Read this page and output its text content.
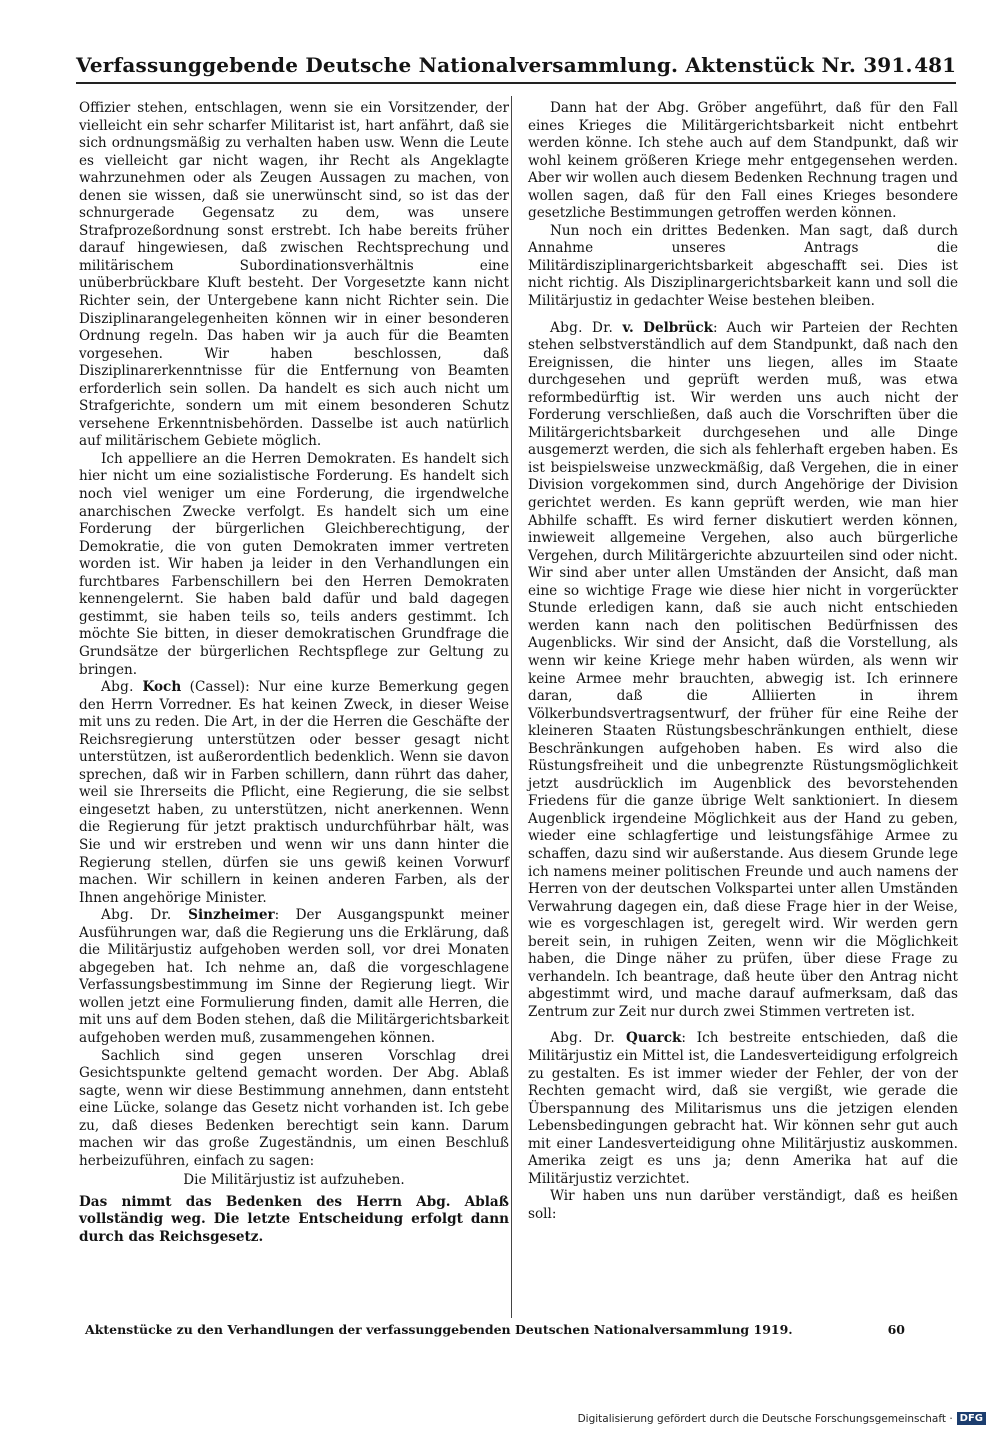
Verfassunggebende Deutsche Nationalversammlung. Aktenstück Nr. 391. 481

Offizier stehen, entschlagen, wenn sie ein Vorsitzender, der vielleicht ein sehr scharfer Militarist ist, hart anfährt, daß sie sich ordnungsmäßig zu verhalten haben usw. Wenn die Leute es vielleicht gar nicht wagen, ihr Recht als Angeklagte wahrzunehmen oder als Zeugen Aussagen zu machen, von denen sie wissen, daß sie unerwünscht sind, so ist das der schnurgerade Gegensatz zu dem, was unsere Strafprozeßordnung sonst erstrebt. Ich habe bereits früher darauf hingewiesen, daß zwischen Rechtsprechung und militärischem Subordinationsverhältnis eine unüberbrückbare Kluft besteht. Der Vorgesetzte kann nicht Richter sein, der Untergebene kann nicht Richter sein. Die Disziplinarangelegenheiten können wir in einer besonderen Ordnung regeln. Das haben wir ja auch für die Beamten vorgesehen. Wir haben beschlossen, daß Disziplinarerkenntnisse für die Entfernung von Beamten erforderlich sein sollen. Da handelt es sich auch nicht um Strafgerichte, sondern um mit einem besonderen Schutz versehene Erkenntnisbehörden. Dasselbe ist auch natürlich auf militärischem Gebiete möglich.

Ich appelliere an die Herren Demokraten. Es handelt sich hier nicht um eine sozialistische Forderung. Es handelt sich noch viel weniger um eine Forderung, die irgendwelche anarchischen Zwecke verfolgt. Es handelt sich um eine Forderung der bürgerlichen Gleichberechtigung, der Demokratie, die von guten Demokraten immer vertreten worden ist. Wir haben ja leider in den Verhandlungen ein furchtbares Farbenschillern bei den Herren Demokraten kennengelernt. Sie haben bald dafür und bald dagegen gestimmt, sie haben teils so, teils anders gestimmt. Ich möchte Sie bitten, in dieser demokratischen Grundfrage die Grundsätze der bürgerlichen Rechtspflege zur Geltung zu bringen.

Abg. Koch (Cassel): Nur eine kurze Bemerkung gegen den Herrn Vorredner. Es hat keinen Zweck, in dieser Weise mit uns zu reden. Die Art, in der die Herren die Geschäfte der Reichsregierung unterstützen oder besser gesagt nicht unterstützen, ist außerordentlich bedenklich. Wenn sie davon sprechen, daß wir in Farben schillern, dann rührt das daher, weil sie Ihrerseits die Pflicht, eine Regierung, die sie selbst eingesetzt haben, zu unterstützen, nicht anerkennen. Wenn die Regierung für jetzt praktisch undurchführbar hält, was Sie und wir erstreben und wenn wir uns dann hinter die Regierung stellen, dürfen sie uns gewiß keinen Vorwurf machen. Wir schillern in keinen anderen Farben, als der Ihnen angehörige Minister.

Abg. Dr. Sinzheimer: Der Ausgangspunkt meiner Ausführungen war, daß die Regierung uns die Erklärung, daß die Militärjustiz aufgehoben werden soll, vor drei Monaten abgegeben hat. Ich nehme an, daß die vorgeschlagene Verfassungsbestimmung im Sinne der Regierung liegt. Wir wollen jetzt eine Formulierung finden, damit alle Herren, die mit uns auf dem Boden stehen, daß die Militärgerichtsbarkeit aufgehoben werden muß, zusammengehen können.

Sachlich sind gegen unseren Vorschlag drei Gesichtspunkte geltend gemacht worden. Der Abg. Ablaß sagte, wenn wir diese Bestimmung annehmen, dann entsteht eine Lücke, solange das Gesetz nicht vorhanden ist. Ich gebe zu, daß dieses Bedenken berechtigt sein kann. Darum machen wir das große Zugeständnis, um einen Beschluß herbeizuführen, einfach zu sagen:

Die Militärjustiz ist aufzuheben.

Das nimmt das Bedenken des Herrn Abg. Ablaß vollständig weg. Die letzte Entscheidung erfolgt dann durch das Reichsgesetz.

Dann hat der Abg. Gröber angeführt, daß für den Fall eines Krieges die Militärgerichtsbarkeit nicht entbehrt werden könne. Ich stehe auch auf dem Standpunkt, daß wir wohl keinem größeren Kriege mehr entgegensehen werden. Aber wir wollen auch diesem Bedenken Rechnung tragen und wollen sagen, daß für den Fall eines Krieges besondere gesetzliche Bestimmungen getroffen werden können.

Nun noch ein drittes Bedenken. Man sagt, daß durch Annahme unseres Antrags die Militärdisziplinargerichtsbarkeit abgeschafft sei. Dies ist nicht richtig. Als Disziplinargerichtsbarkeit kann und soll die Militärjustiz in gedachter Weise bestehen bleiben.

Abg. Dr. v. Delbrück: Auch wir Parteien der Rechten stehen selbstverständlich auf dem Standpunkt, daß nach den Ereignissen, die hinter uns liegen, alles im Staate durchgesehen und geprüft werden muß, was etwa reformbedürftig ist. Wir werden uns auch nicht der Forderung verschließen, daß auch die Vorschriften über die Militärgerichtsbarkeit durchgesehen und alle Dinge ausgemerzt werden, die sich als fehlerhaft ergeben haben. Es ist beispielsweise unzweckmäßig, daß Vergehen, die in einer Division vorgekommen sind, durch Angehörige der Division gerichtet werden. Es kann geprüft werden, wie man hier Abhilfe schafft. Es wird ferner diskutiert werden können, inwieweit allgemeine Vergehen, also auch bürgerliche Vergehen, durch Militärgerichte abzuurteilen sind oder nicht. Wir sind aber unter allen Umständen der Ansicht, daß man eine so wichtige Frage wie diese hier nicht in vorgerückter Stunde erledigen kann, daß sie auch nicht entschieden werden kann nach den politischen Bedürfnissen des Augenblicks. Wir sind der Ansicht, daß die Vorstellung, als wenn wir keine Kriege mehr haben würden, als wenn wir keine Armee mehr brauchten, abwegig ist. Ich erinnere daran, daß die Alliierten in ihrem Völkerbundsvertragsentwurf, der früher für eine Reihe der kleineren Staaten Rüstungsbeschränkungen enthielt, diese Beschränkungen aufgehoben haben. Es wird also die Rüstungsfreiheit und die unbegrenzte Rüstungsmöglichkeit jetzt ausdrücklich im Augenblick des bevorstehenden Friedens für die ganze übrige Welt sanktioniert. In diesem Augenblick irgendeine Möglichkeit aus der Hand zu geben, wieder eine schlagfertige und leistungsfähige Armee zu schaffen, dazu sind wir außerstande. Aus diesem Grunde lege ich namens meiner politischen Freunde und auch namens der Herren von der deutschen Volkspartei unter allen Umständen Verwahrung dagegen ein, daß diese Frage hier in der Weise, wie es vorgeschlagen ist, geregelt wird. Wir werden gern bereit sein, in ruhigen Zeiten, wenn wir die Möglichkeit haben, die Dinge näher zu prüfen, über diese Frage zu verhandeln. Ich beantrage, daß heute über den Antrag nicht abgestimmt wird, und mache darauf aufmerksam, daß das Zentrum zur Zeit nur durch zwei Stimmen vertreten ist.

Abg. Dr. Quarck: Ich bestreite entschieden, daß die Militärjustiz ein Mittel ist, die Landesverteidigung erfolgreich zu gestalten. Es ist immer wieder der Fehler, der von der Rechten gemacht wird, daß sie vergißt, wie gerade die Überspannung des Militarismus uns die jetzigen elenden Lebensbedingungen gebracht hat. Wir können sehr gut auch mit einer Landesverteidigung ohne Militärjustiz auskommen. Amerika zeigt es uns ja; denn Amerika hat auf die Militärjustiz verzichtet.

Wir haben uns nun darüber verständigt, daß es heißen soll:

Aktenstücke zu den Verhandlungen der verfassunggebenden Deutschen Nationalversammlung 1919.	60
Digitalisierung gefördert durch die Deutsche Forschungsgemeinschaft · DFG
